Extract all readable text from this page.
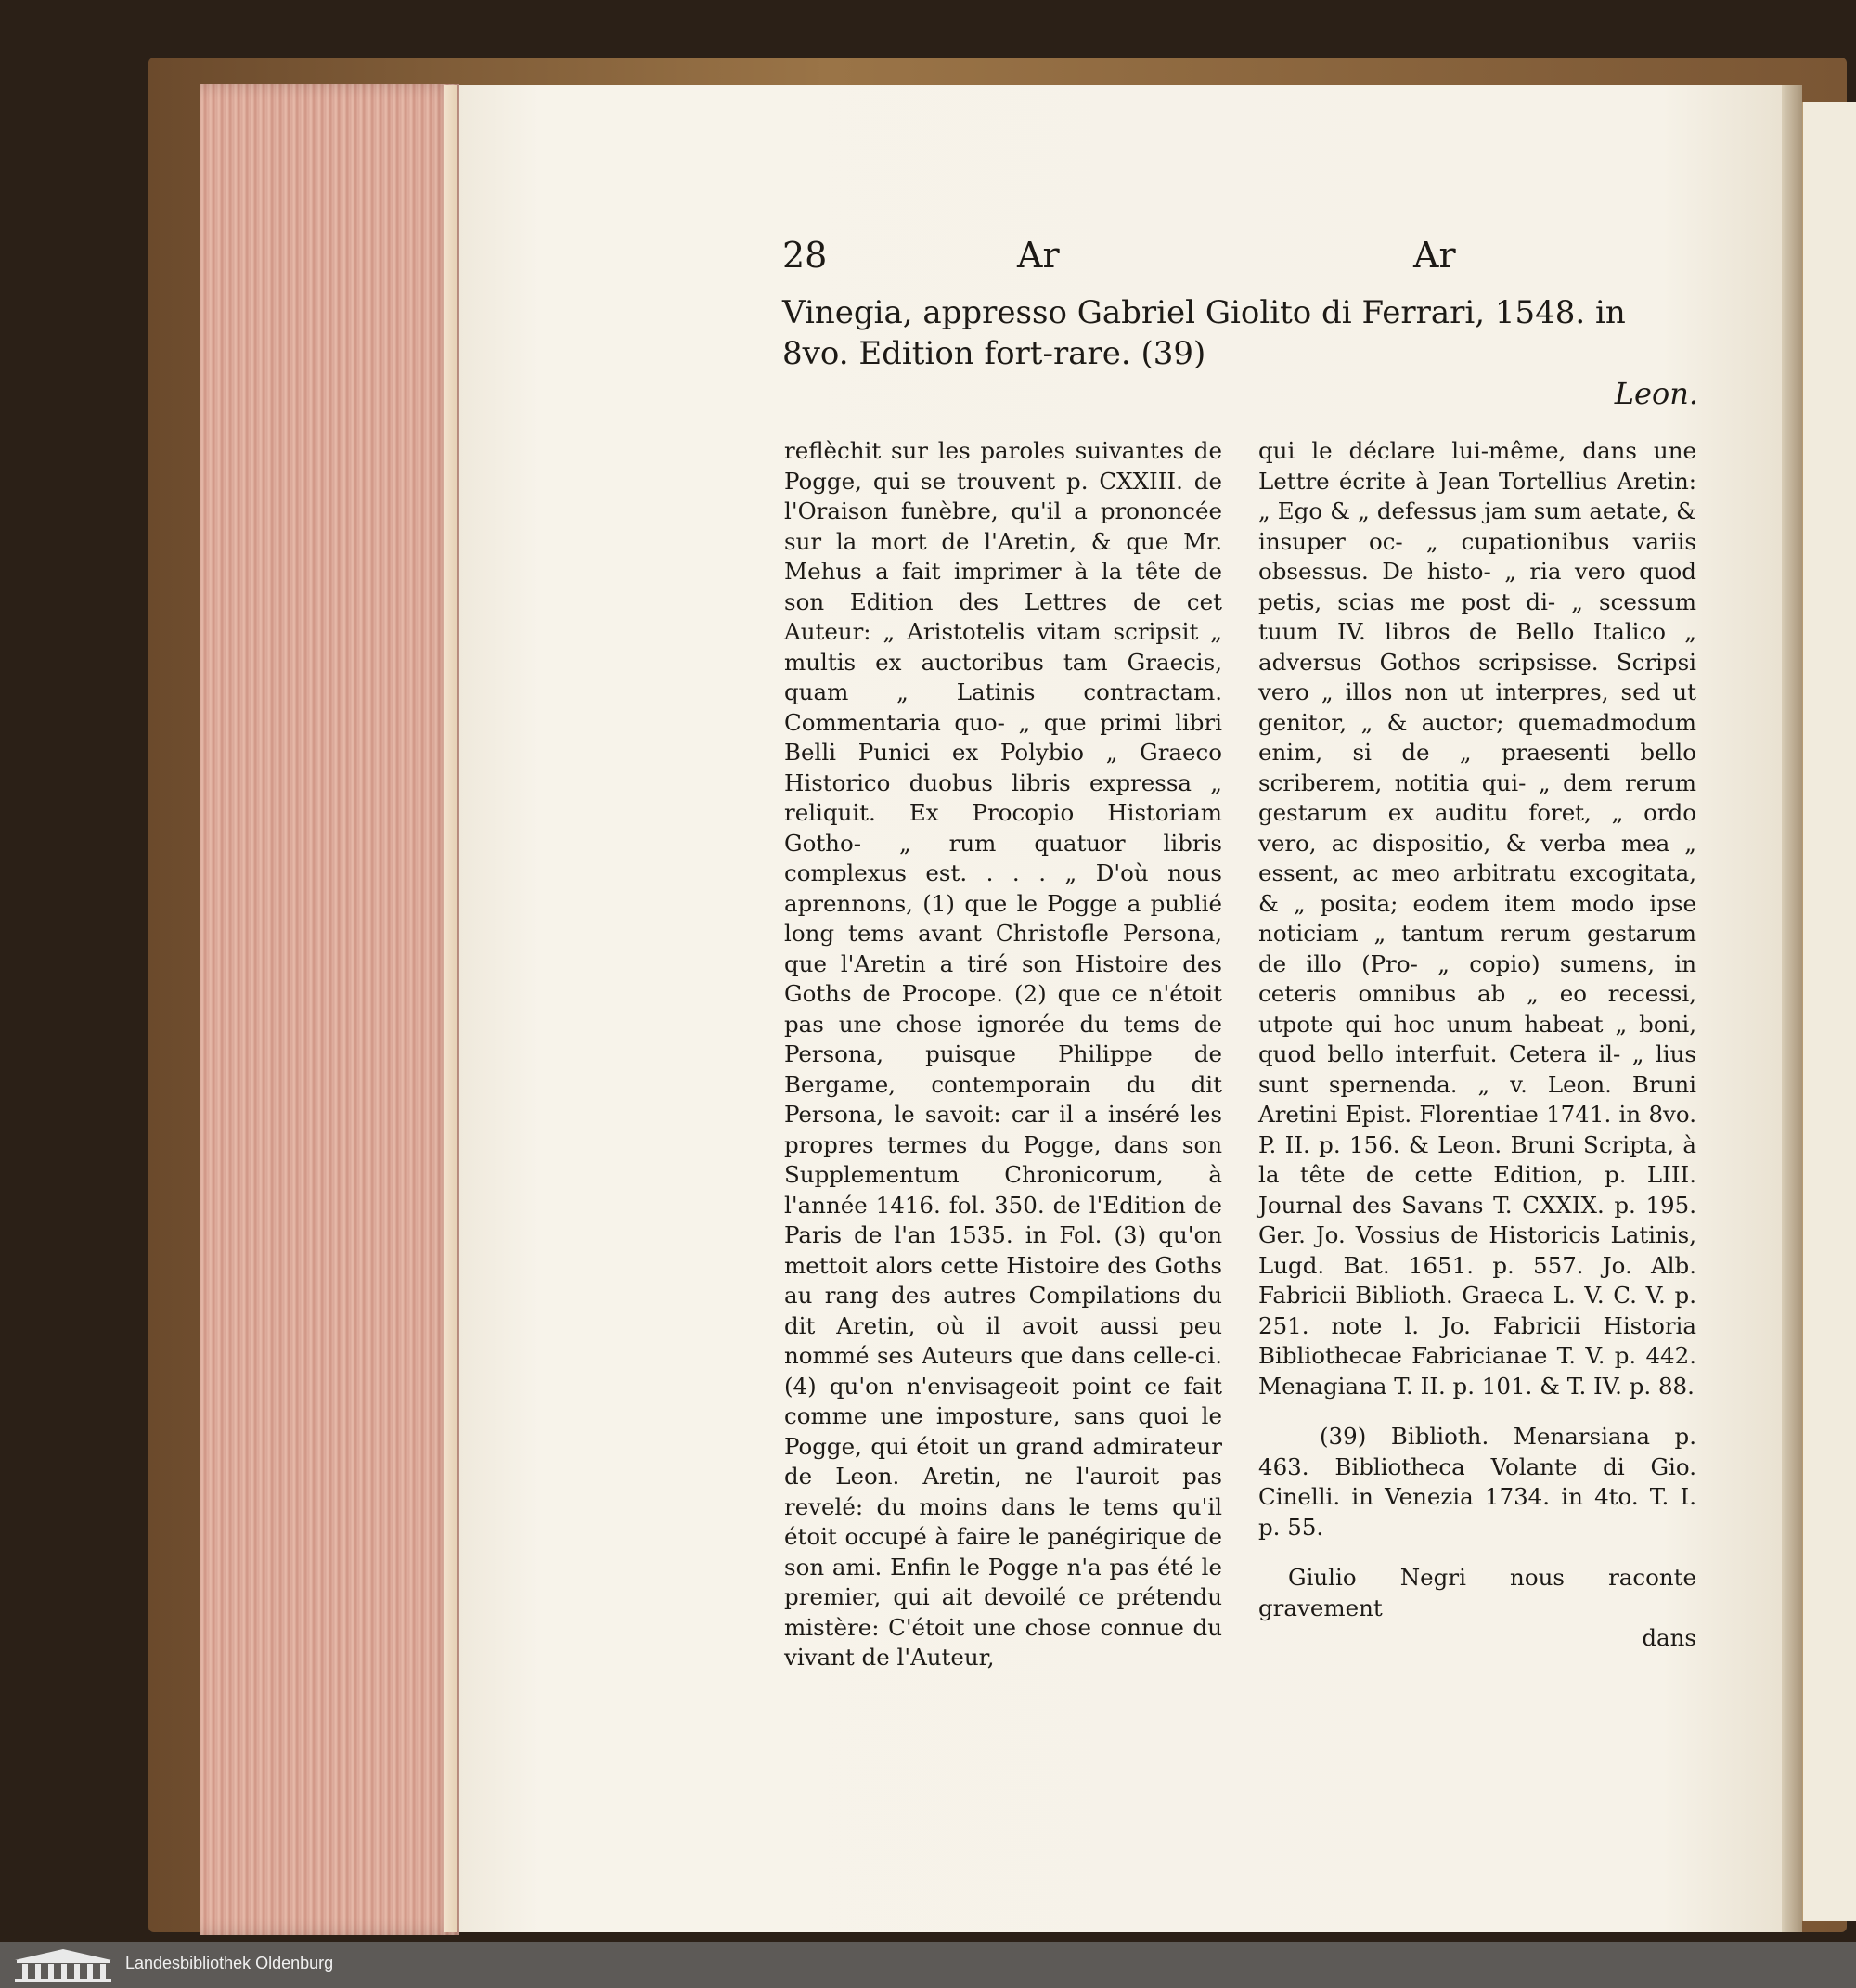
28	Ar	Ar
Vinegia, appresso Gabriel Giolito di Ferrari, 1548. in 8vo. Edition fort-rare. (39)
Leon.

reflèchit sur les paroles suivantes de Pogge, qui se trouvent p. CXXIII. de l'Oraison funèbre, qu'il a prononcée sur la mort de l'Aretin, & que Mr. Mehus a fait imprimer à la tête de son Edition des Lettres de cet Auteur: „ Aristotelis vitam scripsit „ multis ex auctoribus tam Graecis, quam „ Latinis contractam. Commentaria quo- „ que primi libri Belli Punici ex Polybio „ Graeco Historico duobus libris expressa „ reliquit. Ex Procopio Historiam Gotho- „ rum quatuor libris complexus est. . . . „ D'où nous aprennons, (1) que le Pogge a publié long tems avant Christofle Persona, que l'Aretin a tiré son Histoire des Goths de Procope. (2) que ce n'étoit pas une chose ignorée du tems de Persona, puisque Philippe de Bergame, contemporain du dit Persona, le savoit: car il a inséré les propres termes du Pogge, dans son Supplementum Chronicorum, à l'année 1416. fol. 350. de l'Edition de Paris de l'an 1535. in Fol. (3) qu'on mettoit alors cette Histoire des Goths au rang des autres Compilations du dit Aretin, où il avoit aussi peu nommé ses Auteurs que dans celle-ci. (4) qu'on n'envisageoit point ce fait comme une imposture, sans quoi le Pogge, qui étoit un grand admirateur de Leon. Aretin, ne l'auroit pas revelé: du moins dans le tems qu'il étoit occupé à faire le panégirique de son ami. Enfin le Pogge n'a pas été le premier, qui ait devoilé ce prétendu mistère: C'étoit une chose connue du vivant de l'Auteur,

qui le déclare lui-même, dans une Lettre écrite à Jean Tortellius Aretin: „ Ego & „ defessus jam sum aetate, & insuper oc- „ cupationibus variis obsessus. De histo- „ ria vero quod petis, scias me post di- „ scessum tuum IV. libros de Bello Italico „ adversus Gothos scripsisse. Scripsi vero „ illos non ut interpres, sed ut genitor, „ & auctor; quemadmodum enim, si de „ praesenti bello scriberem, notitia qui- „ dem rerum gestarum ex auditu foret, „ ordo vero, ac dispositio, & verba mea „ essent, ac meo arbitratu excogitata, & „ posita; eodem item modo ipse noticiam „ tantum rerum gestarum de illo (Pro- „ copio) sumens, in ceteris omnibus ab „ eo recessi, utpote qui hoc unum habeat „ boni, quod bello interfuit. Cetera il- „ lius sunt spernenda. „ v. Leon. Bruni Aretini Epist. Florentiae 1741. in 8vo. P. II. p. 156. & Leon. Bruni Scripta, à la tête de cette Edition, p. LIII. Journal des Savans T. CXXIX. p. 195. Ger. Jo. Vossius de Historicis Latinis, Lugd. Bat. 1651. p. 557. Jo. Alb. Fabricii Biblioth. Graeca L. V. C. V. p. 251. note l. Jo. Fabricii Historia Bibliothecae Fabricianae T. V. p. 442. Menagiana T. II. p. 101. & T. IV. p. 88.

(39) Biblioth. Menarsiana p. 463. Bibliotheca Volante di Gio. Cinelli. in Venezia 1734. in 4to. T. I. p. 55.

Giulio Negri nous raconte gravement

dans

Landesbibliothek Oldenburg
